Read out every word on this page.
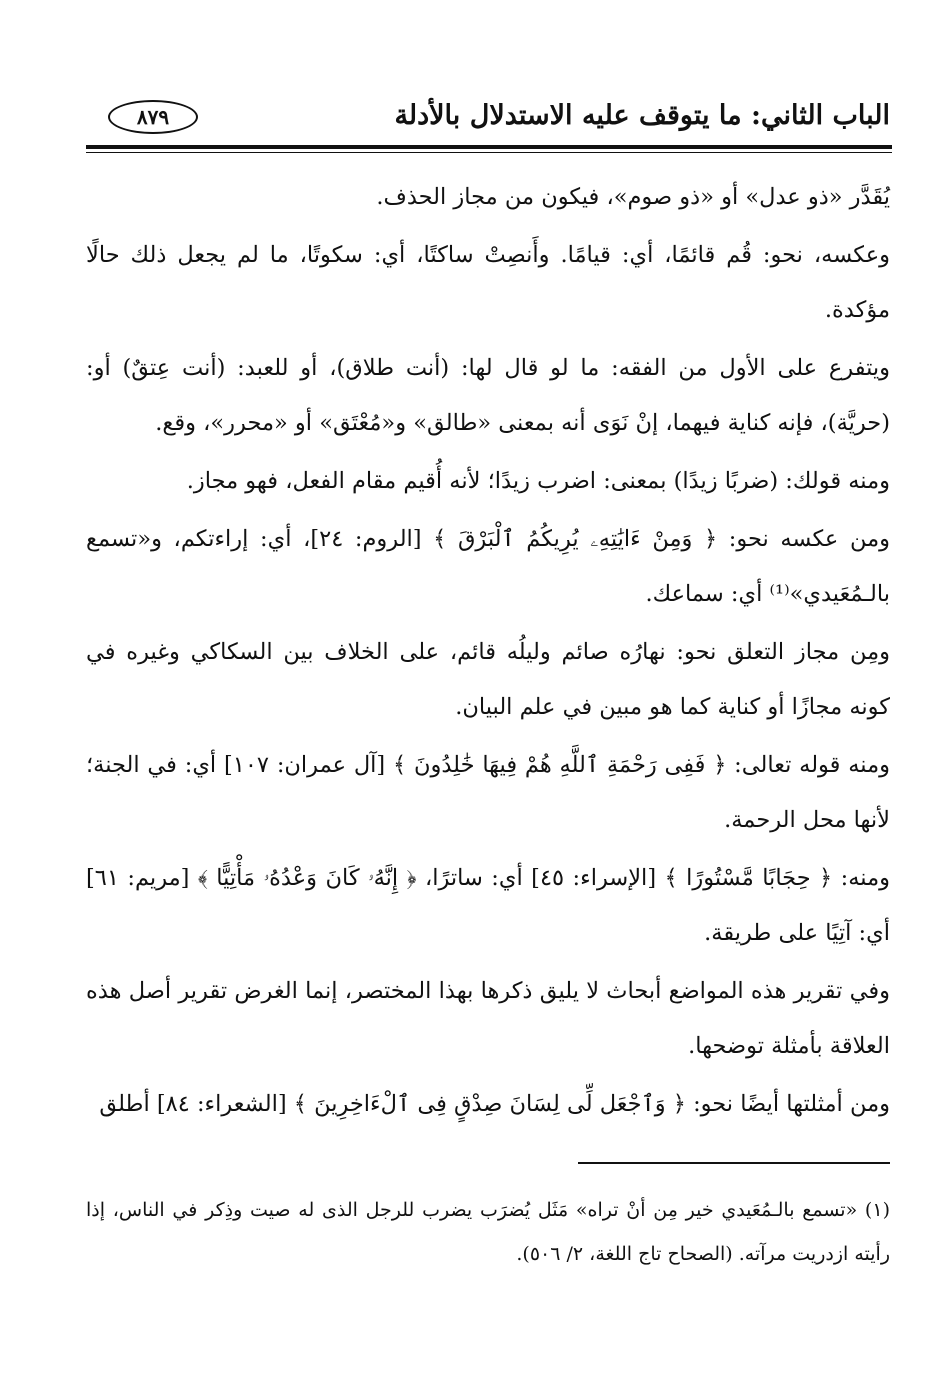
الباب الثاني: ما يتوقف عليه الاستدلال بالأدلة
٨٧٩

يُقَدَّر «ذو عدل» أو «ذو صوم»، فيكون من مجاز الحذف.

وعكسه، نحو: قُم قائمًا، أي: قيامًا. وأَنصِتْ ساكتًا، أي: سكوتًا، ما لم يجعل ذلك حالًا مؤكدة.

ويتفرع على الأول من الفقه: ما لو قال لها: (أنت طلاق)، أو للعبد: (أنت عِتقٌ) أو: (حريَّة)، فإنه كناية فيهما، إنْ نَوَى أنه بمعنى «طالق» و«مُعْتَق» أو «محرر»، وقع.

ومنه قولك: (ضربًا زيدًا) بمعنى: اضرب زيدًا؛ لأنه أُقيم مقام الفعل، فهو مجاز.

ومن عكسه نحو: ﴿ وَمِنْ ءَايَٰتِهِۦ يُرِيكُمُ ٱلْبَرْقَ ﴾ [الروم: ٢٤]، أي: إراءتكم، و«تسمع بالـمُعَيدي»⁽¹⁾ أي: سماعك.

ومِن مجاز التعلق نحو: نهارُه صائم وليلُه قائم، على الخلاف بين السكاكي وغيره في كونه مجازًا أو كناية كما هو مبين في علم البيان.

ومنه قوله تعالى: ﴿ فَفِى رَحْمَةِ ٱللَّهِ هُمْ فِيهَا خَٰلِدُونَ ﴾ [آل عمران: ١٠٧] أي: في الجنة؛ لأنها محل الرحمة.

ومنه: ﴿ حِجَابًا مَّسْتُورًا ﴾ [الإسراء: ٤٥] أي: ساترًا، ﴿ إِنَّهُۥ كَانَ وَعْدُهُۥ مَأْتِيًّا ﴾ [مريم: ٦١] أي: آتِيًا على طريقة.

وفي تقرير هذه المواضع أبحاث لا يليق ذكرها بهذا المختصر، إنما الغرض تقرير أصل هذه العلاقة بأمثلة توضحها.

ومن أمثلتها أيضًا نحو: ﴿ وَٱجْعَل لِّى لِسَانَ صِدْقٍ فِى ٱلْءَاخِرِينَ ﴾ [الشعراء: ٨٤] أطلق

(١) «تسمع بالـمُعَيدي خير مِن أنْ تراه» مَثَل يُضرَب يضرب للرجل الذى له صيت وذِكر في الناس، إذا رأيته ازدريت مرآته. (الصحاح تاج اللغة، ٢/ ٥٠٦).
